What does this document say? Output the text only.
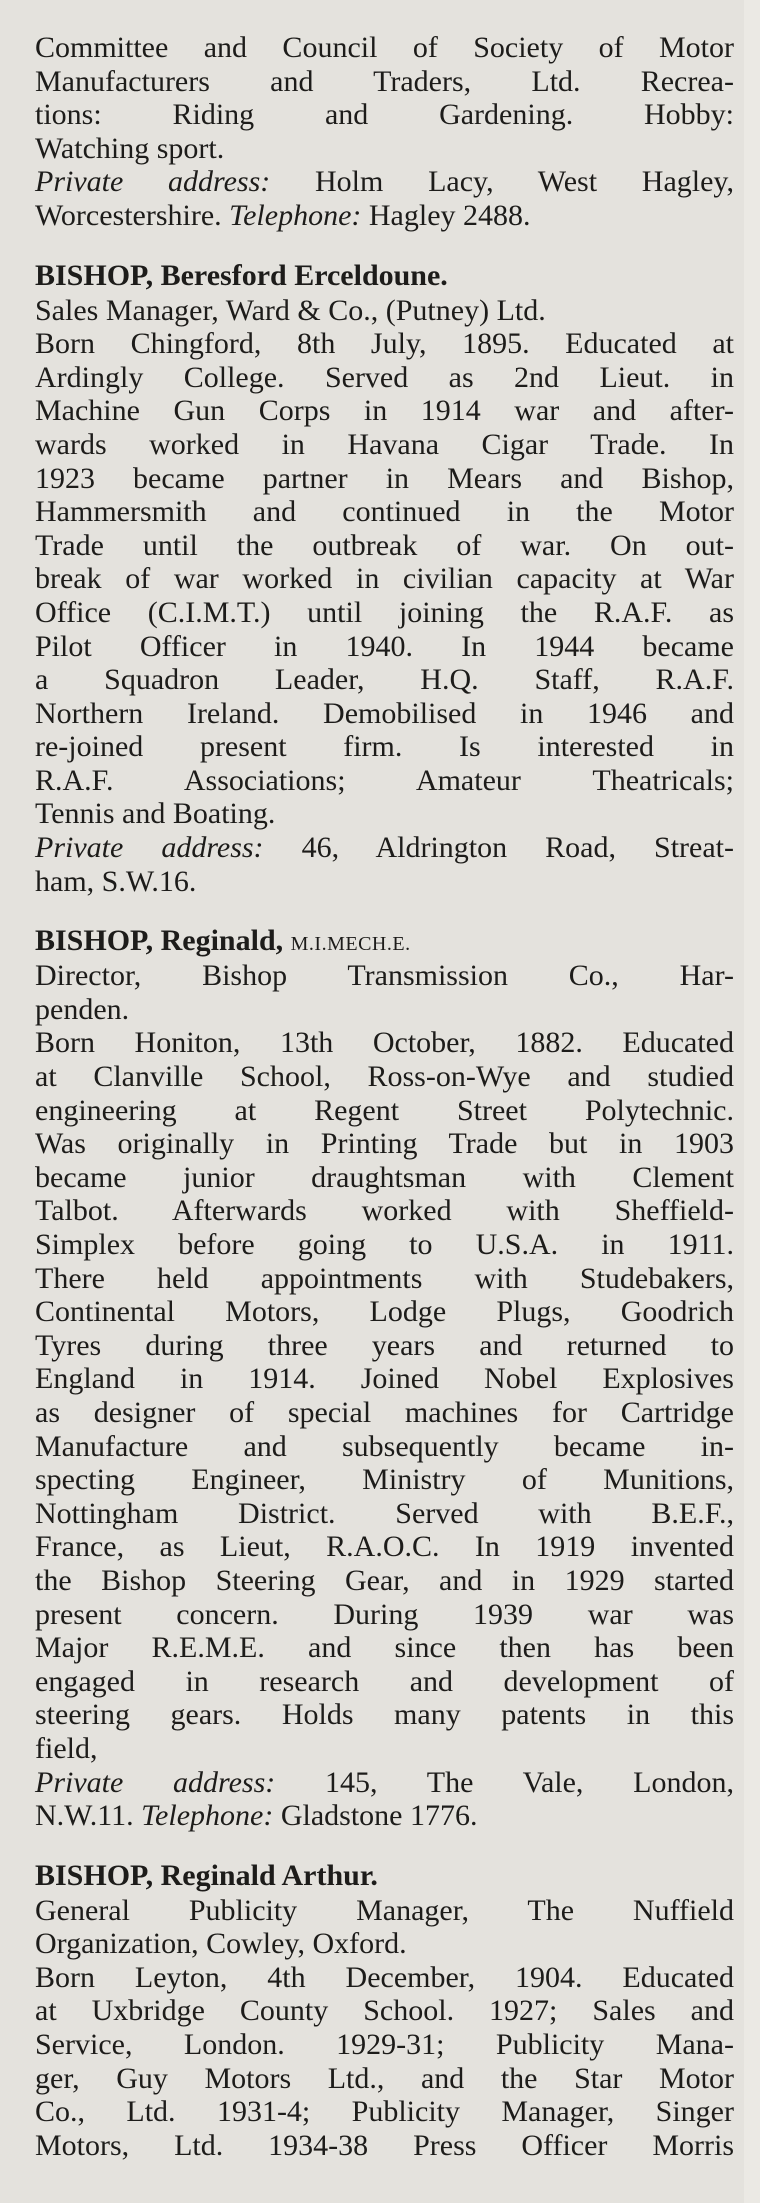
Committee and Council of Society of Motor
Manufacturers and Traders, Ltd. Recrea-
tions: Riding and Gardening. Hobby:
Watching sport.
Private address: Holm Lacy, West Hagley,
Worcestershire. Telephone: Hagley 2488.
BISHOP, Beresford Erceldoune.
Sales Manager, Ward & Co., (Putney) Ltd.
Born Chingford, 8th July, 1895. Educated at
Ardingly College. Served as 2nd Lieut. in
Machine Gun Corps in 1914 war and after-
wards worked in Havana Cigar Trade. In
1923 became partner in Mears and Bishop,
Hammersmith and continued in the Motor
Trade until the outbreak of war. On out-
break of war worked in civilian capacity at War
Office (C.I.M.T.) until joining the R.A.F. as
Pilot Officer in 1940. In 1944 became
a Squadron Leader, H.Q. Staff, R.A.F.
Northern Ireland. Demobilised in 1946 and
re-joined present firm. Is interested in
R.A.F. Associations; Amateur Theatricals;
Tennis and Boating.
Private address: 46, Aldrington Road, Streat-
ham, S.W.16.
BISHOP, Reginald, M.I.MECH.E.
Director, Bishop Transmission Co., Har-
penden.
Born Honiton, 13th October, 1882. Educated
at Clanville School, Ross-on-Wye and studied
engineering at Regent Street Polytechnic.
Was originally in Printing Trade but in 1903
became junior draughtsman with Clement
Talbot. Afterwards worked with Sheffield-
Simplex before going to U.S.A. in 1911.
There held appointments with Studebakers,
Continental Motors, Lodge Plugs, Goodrich
Tyres during three years and returned to
England in 1914. Joined Nobel Explosives
as designer of special machines for Cartridge
Manufacture and subsequently became in-
specting Engineer, Ministry of Munitions,
Nottingham District. Served with B.E.F.,
France, as Lieut, R.A.O.C. In 1919 invented
the Bishop Steering Gear, and in 1929 started
present concern. During 1939 war was
Major R.E.M.E. and since then has been
engaged in research and development of
steering gears. Holds many patents in this
field,
Private address: 145, The Vale, London,
N.W.11. Telephone: Gladstone 1776.
BISHOP, Reginald Arthur.
General Publicity Manager, The Nuffield
Organization, Cowley, Oxford.
Born Leyton, 4th December, 1904. Educated
at Uxbridge County School. 1927; Sales and
Service, London. 1929-31; Publicity Mana-
ger, Guy Motors Ltd., and the Star Motor
Co., Ltd. 1931-4; Publicity Manager, Singer
Motors, Ltd. 1934-38 Press Officer Morris
